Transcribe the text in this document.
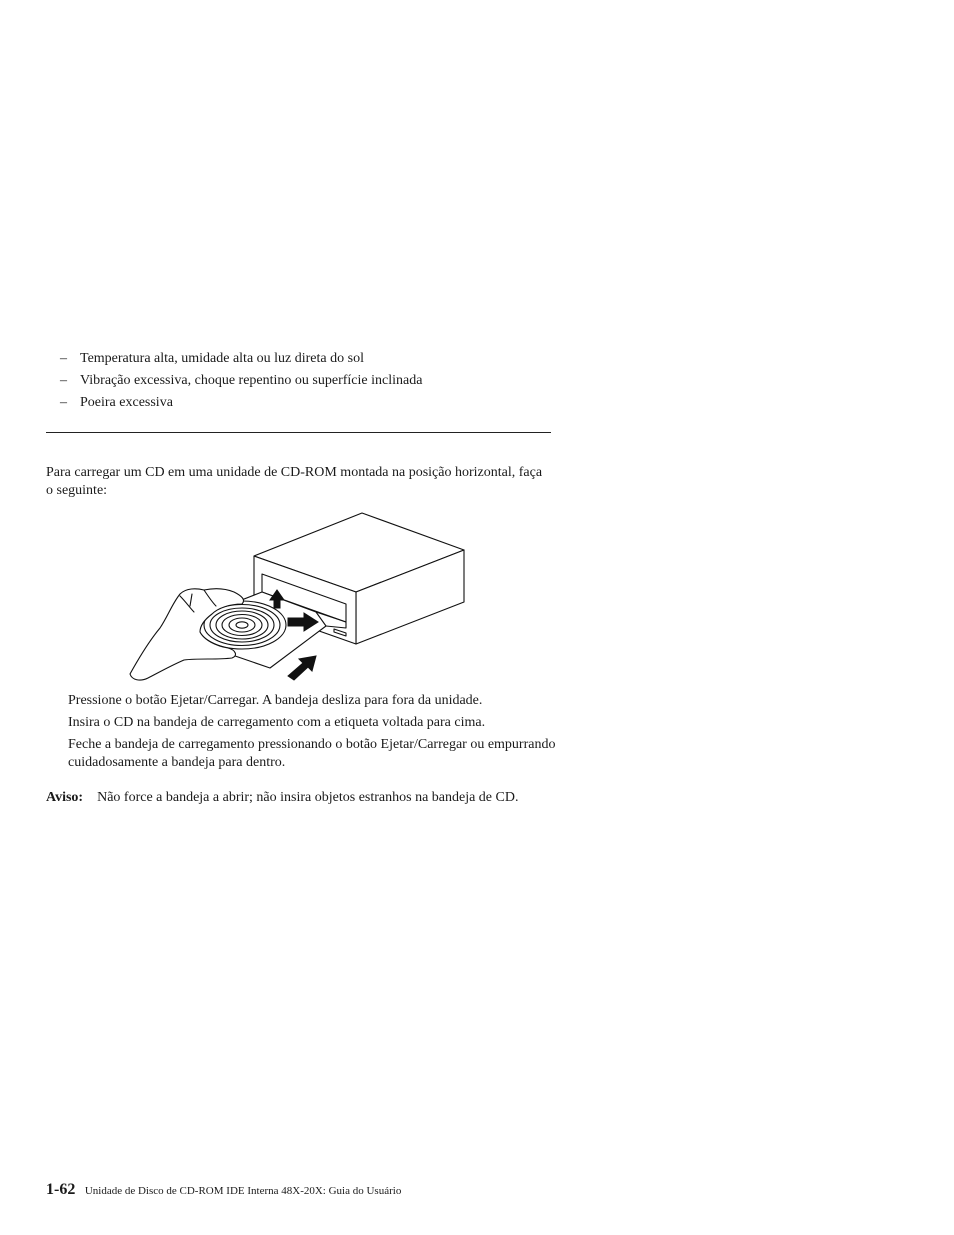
– Temperatura alta, umidade alta ou luz direta do sol
– Vibração excessiva, choque repentino ou superfície inclinada
– Poeira excessiva

Para carregar um CD em uma unidade de CD-ROM montada na posição horizontal, faça o seguinte:

Pressione o botão Ejetar/Carregar. A bandeja desliza para fora da unidade.
Insira o CD na bandeja de carregamento com a etiqueta voltada para cima.
Feche a bandeja de carregamento pressionando o botão Ejetar/Carregar ou empurrando cuidadosamente a bandeja para dentro.

Aviso: Não force a bandeja a abrir; não insira objetos estranhos na bandeja de CD.

1-62 Unidade de Disco de CD-ROM IDE Interna 48X-20X: Guia do Usuário
